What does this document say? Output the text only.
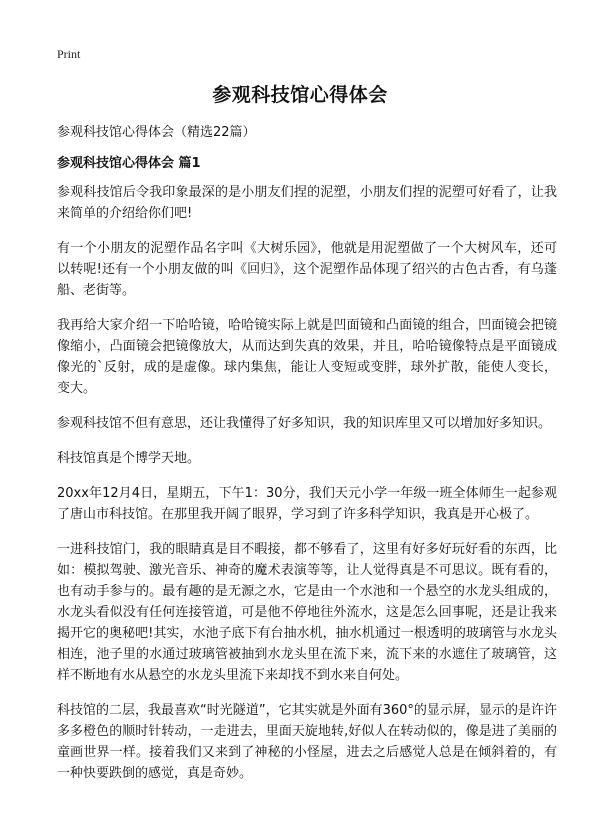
Print
参观科技馆心得体会
参观科技馆心得体会（精选22篇）
参观科技馆心得体会 篇1

参观科技馆后令我印象最深的是小朋友们捏的泥塑，小朋友们捏的泥塑可好看了，让我来简单的介绍给你们吧!

有一个小朋友的泥塑作品名字叫《大树乐园》，他就是用泥塑做了一个大树风车，还可以转呢!还有一个小朋友做的叫《回归》，这个泥塑作品体现了绍兴的古色古香，有乌蓬船、老街等。

我再给大家介绍一下哈哈镜，哈哈镜实际上就是凹面镜和凸面镜的组合，凹面镜会把镜像缩小，凸面镜会把镜像放大，从而达到失真的效果，并且，哈哈镜像特点是平面镜成像光的`反射，成的是虚像。球内集焦，能让人变短或变胖，球外扩散，能使人变长，变大。

参观科技馆不但有意思，还让我懂得了好多知识，我的知识库里又可以增加好多知识。

科技馆真是个博学天地。

20xx年12月4日，星期五，下午1：30分，我们天元小学一年级一班全体师生一起参观了唐山市科技馆。在那里我开阔了眼界，学习到了许多科学知识，我真是开心极了。

一进科技馆门，我的眼睛真是目不暇接，都不够看了，这里有好多好玩好看的东西，比如：模拟驾驶、激光音乐、神奇的魔术表演等等，让人觉得真是不可思议。既有看的，也有动手参与的。最有趣的是无源之水，它是由一个水池和一个悬空的水龙头组成的，水龙头看似没有任何连接管道，可是他不停地往外流水，这是怎么回事呢，还是让我来揭开它的奥秘吧!其实，水池子底下有台抽水机，抽水机通过一根透明的玻璃管与水龙头相连，池子里的水通过玻璃管被抽到水龙头里在流下来，流下来的水遮住了玻璃管，这样不断地有水从悬空的水龙头里流下来却找不到水来自何处。

科技馆的二层，我最喜欢“时光隧道”，它其实就是外面有360°的显示屏，显示的是许许多多橙色的顺时针转动，一走进去，里面天旋地转,好似人在转动似的，像是进了美丽的童画世界一样。接着我们又来到了神秘的小怪屋，进去之后感觉人总是在倾斜着的，有一种快要跌倒的感觉，真是奇妙。
